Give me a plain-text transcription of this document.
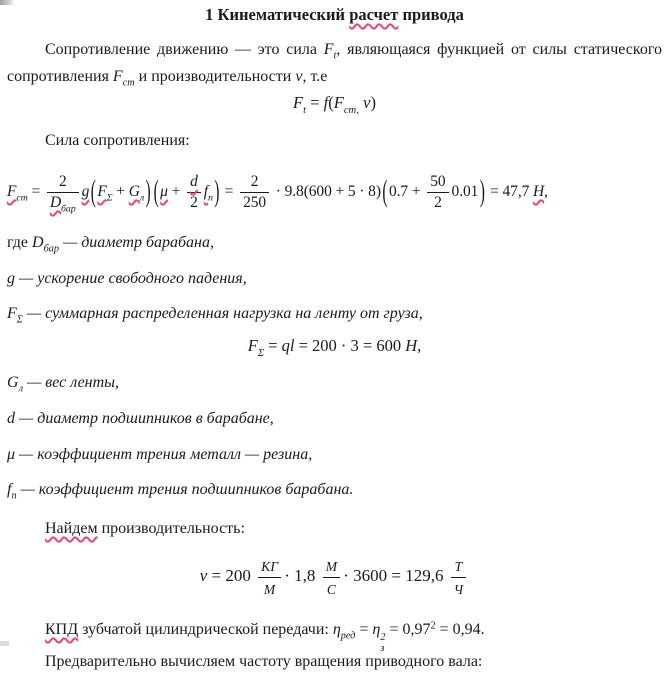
1 Кинематический расчет привода

Сопротивление движению — это сила $F_t$, являющаяся функцией от силы статического сопротивления $F_{ст}$ и производительности v, т.е

$F_t = f(F_{ст,}$ v)
Сила сопротивления:
$F_{ст} = \frac{2}{D_{бар}} g(F_\Sigma + G_л) (\mu + \frac{d}{2} f_п) = \frac{2}{250} \cdot 9.8(600 + 5 \cdot 8)(0.7 + \frac{50}{2} 0.01) = 47,7$ Н,
где $D_{бар}$ — диаметр барабана,
g — ускорение свободного падения,
$F_\Sigma$ — суммарная распределенная нагрузка на ленту от груза,
$F_\Sigma$ = ql = 200 · 3 = 600 Н,
$G_л$ — вес ленты,
d — диаметр подшипников в барабане,
μ — коэффициент трения металл — резина,
$f_п$ — коэффициент трения подшипников барабана.
Найдем производительность:
$v = 200 \frac{КГ}{М} \cdot 1,8 \frac{М}{С} \cdot 3600 = 129,6 \frac{Т}{Ч}$
КПД зубчатой цилиндрической передачи: $\eta_{ред} = \eta$ 2
з
= $0,97^2 = 0,94$.
Предварительно вычисляем частоту вращения приводного вала:
